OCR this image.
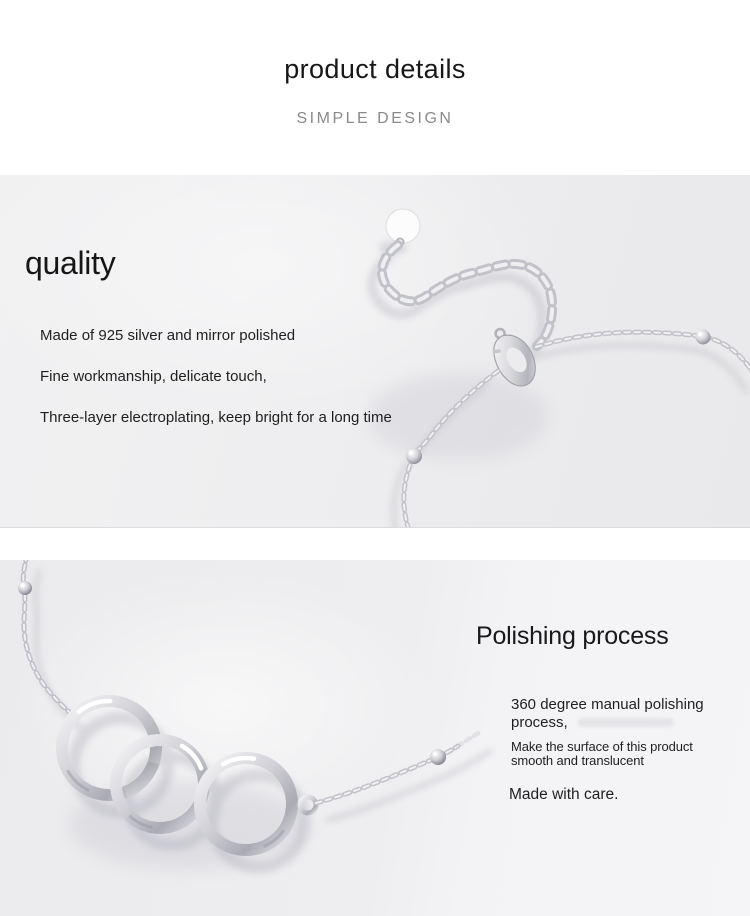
product details
SIMPLE DESIGN
quality

Made of 925 silver and mirror polished

Fine workmanship, delicate touch,

Three-layer electroplating, keep bright for a long time

Polishing process

360 degree manual polishing process,

Make the surface of this product smooth and translucent

Made with care.
